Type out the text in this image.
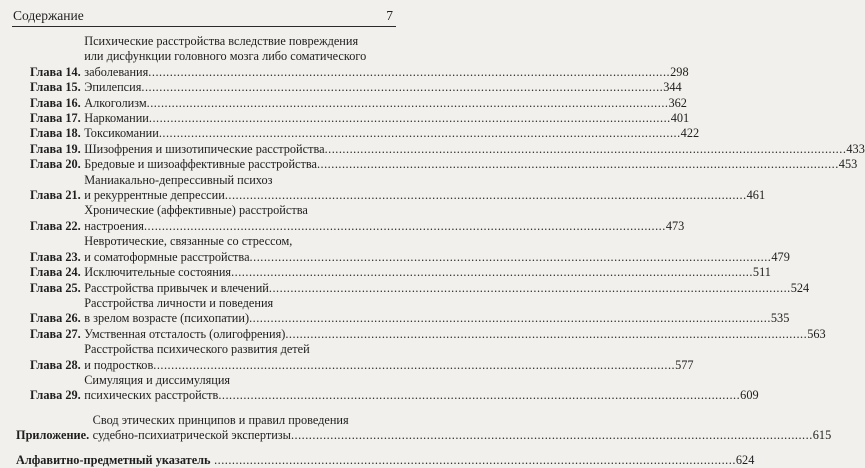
Содержание	7
Глава 14.
Психические расстройства вследствие повреждения
или дисфункции головного мозга либо соматического
заболевания .....	298
Глава 15. Эпилепсия .....	344
Глава 16. Алкоголизм .....	362
Глава 17. Наркомании .....	401
Глава 18. Токсикомании .....	422
Глава 19. Шизофрения и шизотипические расстройства .....	433
Глава 20. Бредовые и шизоаффективные расстройства .....	453
Глава 21.
Маниакально-депрессивный психоз
и рекуррентные депрессии .....	461
Глава 22.
Хронические (аффективные) расстройства
настроения .....	473
Глава 23.
Невротические, связанные со стрессом,
и соматоформные расстройства .....	479
Глава 24. Исключительные состояния .....	511
Глава 25. Расстройства привычек и влечений .....	524
Глава 26.
Расстройства личности и поведения
в зрелом возрасте (психопатии) .....	535
Глава 27. Умственная отсталость (олигофрения) .....	563
Глава 28.
Расстройства психического развития детей
и подростков .....	577
Глава 29.
Симуляция и диссимуляция
психических расстройств .....	609
Приложение.
Свод этических принципов и правил проведения
судебно-психиатрической экспертизы .....	615
Алфавитно-предметный указатель .....	624
